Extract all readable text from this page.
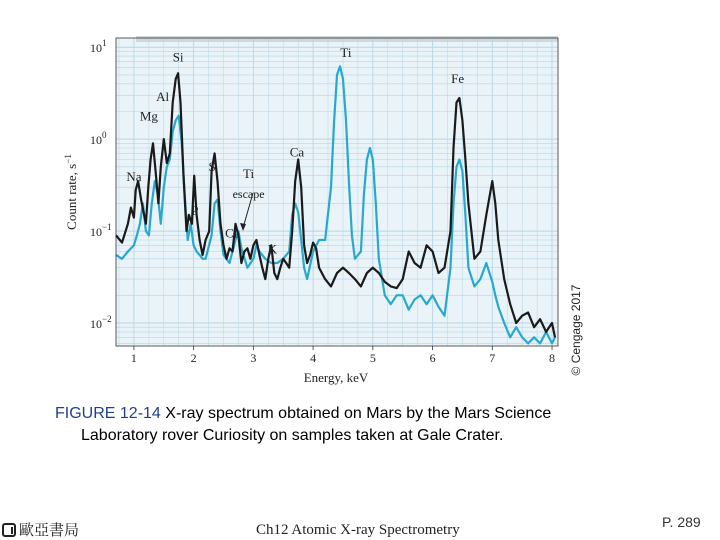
1	2	3	4	5	6	7	8
$10^1$
$10^0$
$10^{-1}$
$10^{-2}$
Si
Al
Mg
Na
P
S Ti
escape
Cl
K
Ca
Ti
Fe
Energy, keV
Count rate, $s^{-1}$
© Cengage 2017
FIGURE 12-14 X-ray spectrum obtained on Mars by the Mars Science
Laboratory rover Curiosity on samples taken at Gale Crater.
歐亞書局	Ch12 Atomic X-ray Spectrometry	P. 289
